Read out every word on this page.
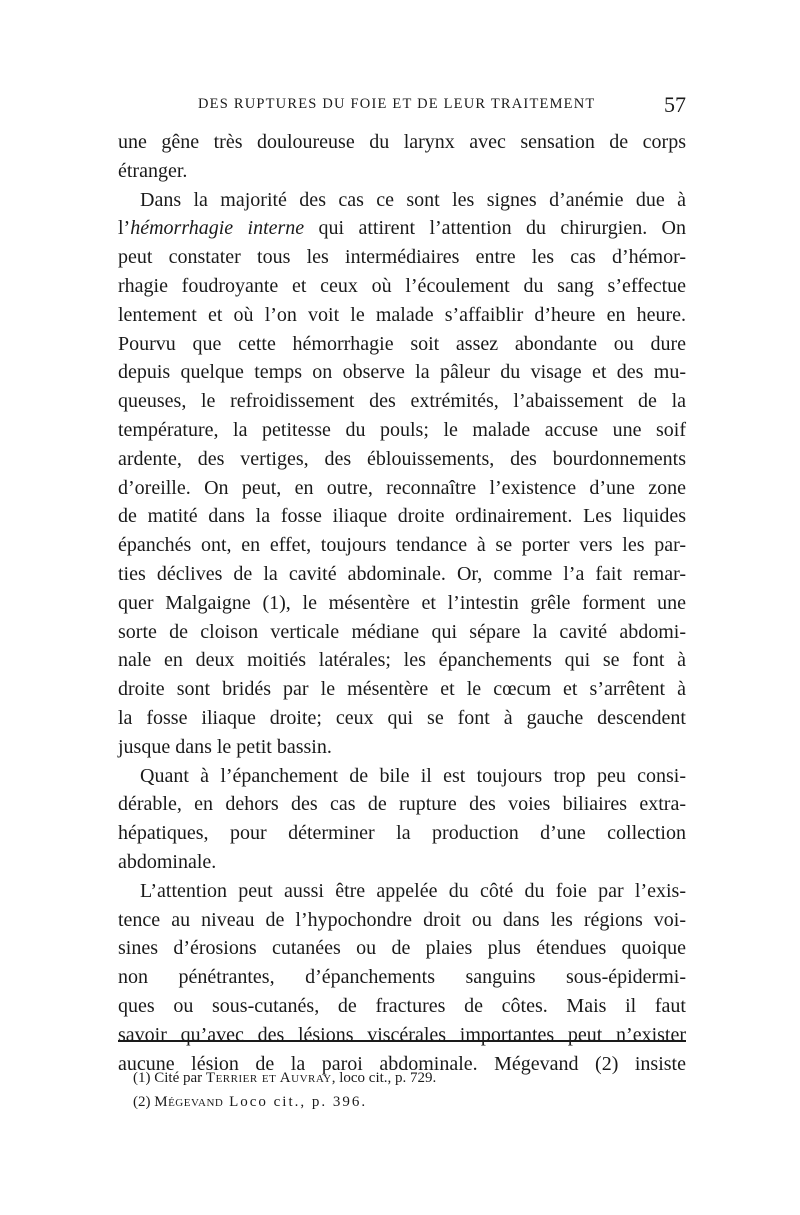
DES RUPTURES DU FOIE ET DE LEUR TRAITEMENT	57
une gêne très douloureuse du larynx avec sensation de corps
étranger.
Dans la majorité des cas ce sont les signes d’anémie due à
l’hémorrhagie interne qui attirent l’attention du chirurgien. On
peut constater tous les intermédiaires entre les cas d’hémor-
rhagie foudroyante et ceux où l’écoulement du sang s’effectue
lentement et où l’on voit le malade s’affaiblir d’heure en heure.
Pourvu que cette hémorrhagie soit assez abondante ou dure
depuis quelque temps on observe la pâleur du visage et des mu-
queuses, le refroidissement des extrémités, l’abaissement de la
température, la petitesse du pouls; le malade accuse une soif
ardente, des vertiges, des éblouissements, des bourdonnements
d’oreille. On peut, en outre, reconnaître l’existence d’une zone
de matité dans la fosse iliaque droite ordinairement. Les liquides
épanchés ont, en effet, toujours tendance à se porter vers les par-
ties déclives de la cavité abdominale. Or, comme l’a fait remar-
quer Malgaigne (1), le mésentère et l’intestin grêle forment une
sorte de cloison verticale médiane qui sépare la cavité abdomi-
nale en deux moitiés latérales; les épanchements qui se font à
droite sont bridés par le mésentère et le cœcum et s’arrêtent à
la fosse iliaque droite; ceux qui se font à gauche descendent
jusque dans le petit bassin.
Quant à l’épanchement de bile il est toujours trop peu consi-
dérable, en dehors des cas de rupture des voies biliaires extra-
hépatiques, pour déterminer la production d’une collection
abdominale.
L’attention peut aussi être appelée du côté du foie par l’exis-
tence au niveau de l’hypochondre droit ou dans les régions voi-
sines d’érosions cutanées ou de plaies plus étendues quoique
non pénétrantes, d’épanchements sanguins sous-épidermi-
ques ou sous-cutanés, de fractures de côtes. Mais il faut
savoir qu’avec des lésions viscérales importantes peut n’exister
aucune lésion de la paroi abdominale. Mégevand (2) insiste
(1) Cité par Terrier et Auvray, loco cit., p. 729.
(2) Mégevand Loco cit., p. 396.
